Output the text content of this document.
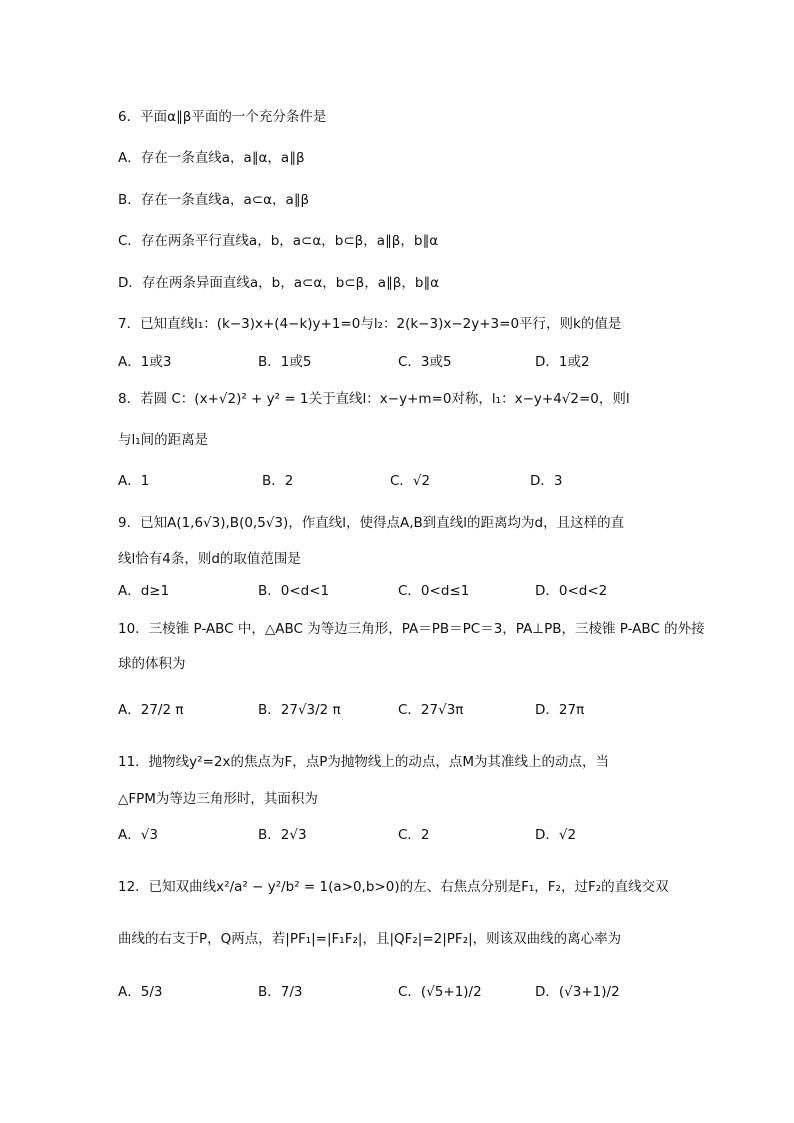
6．平面α∥β平面的一个充分条件是
A．存在一条直线a，a∥α，a∥β
B．存在一条直线a，a⊂α，a∥β
C．存在两条平行直线a，b，a⊂α，b⊂β，a∥β，b∥α
D．存在两条异面直线a，b，a⊂α，b⊂β，a∥β，b∥α
7．已知直线l₁：(k−3)x+(4−k)y+1=0与l₂：2(k−3)x−2y+3=0平行，则k的值是
A．1或3	B．1或5	C．3或5	D．1或2
8．若圆 C：(x+√2)² + y² = 1关于直线l：x−y+m=0对称，l₁：x−y+4√2=0，则l
与l₁间的距离是
A．1	B．2	C．√2	D．3
9．已知A(1,6√3),B(0,5√3)，作直线l，使得点A,B到直线l的距离均为d，且这样的直
线l恰有4条，则d的取值范围是
A．d≥1	B．0<d<1	C．0<d≤1	D．0<d<2
10．三棱锥 P-ABC 中，△ABC 为等边三角形，PA＝PB＝PC＝3，PA⊥PB，三棱锥 P-ABC 的外接
球的体积为
A．27/2 π	B．27√3/2 π	C．27√3π	D．27π
11．抛物线y²=2x的焦点为F，点P为抛物线上的动点，点M为其准线上的动点，当
△FPM为等边三角形时，其面积为
A．√3	B．2√3	C．2	D．√2
12．已知双曲线x²/a² − y²/b² = 1(a>0,b>0)的左、右焦点分别是F₁，F₂，过F₂的直线交双
曲线的右支于P，Q两点，若|PF₁|=|F₁F₂|，且|QF₂|=2|PF₂|，则该双曲线的离心率为
A．5/3	B．7/3	C．(√5+1)/2	D．(√3+1)/2
